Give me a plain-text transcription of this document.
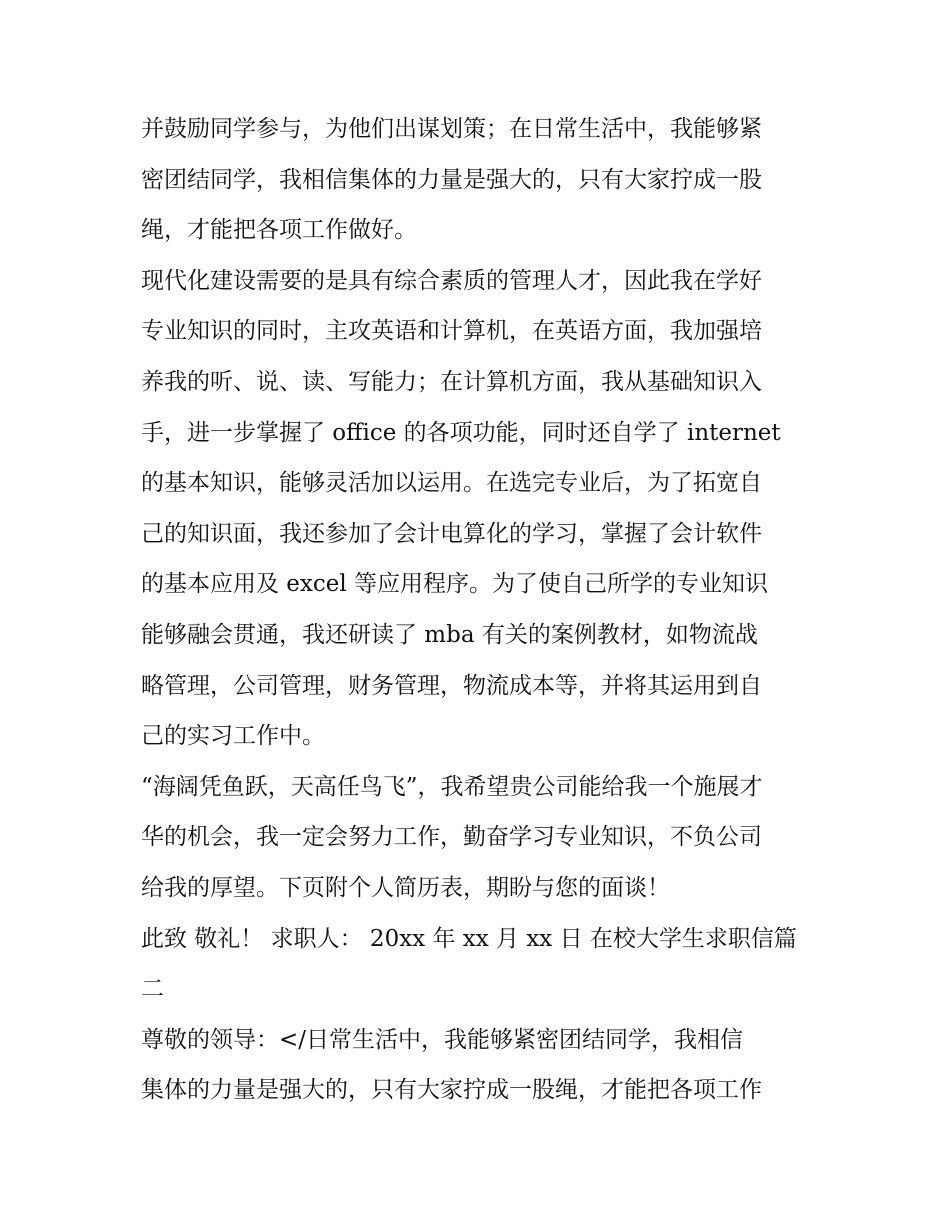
并鼓励同学参与，为他们出谋划策；在日常生活中，我能够紧
密团结同学，我相信集体的力量是强大的，只有大家拧成一股
绳，才能把各项工作做好。
现代化建设需要的是具有综合素质的管理人才，因此我在学好
专业知识的同时，主攻英语和计算机，在英语方面，我加强培
养我的听、说、读、写能力；在计算机方面，我从基础知识入
手，进一步掌握了 office 的各项功能，同时还自学了 internet
的基本知识，能够灵活加以运用。在选完专业后，为了拓宽自
己的知识面，我还参加了会计电算化的学习，掌握了会计软件
的基本应用及 excel 等应用程序。为了使自己所学的专业知识
能够融会贯通，我还研读了 mba 有关的案例教材，如物流战
略管理，公司管理，财务管理，物流成本等，并将其运用到自
己的实习工作中。
“海阔凭鱼跃，天高任鸟飞”，我希望贵公司能给我一个施展才
华的机会，我一定会努力工作，勤奋学习专业知识，不负公司
给我的厚望。下页附个人简历表，期盼与您的面谈！
此致 敬礼！ 求职人： 20xx 年 xx 月 xx 日 在校大学生求职信篇
二
尊敬的领导：</日常生活中，我能够紧密团结同学，我相信
集体的力量是强大的，只有大家拧成一股绳，才能把各项工作
